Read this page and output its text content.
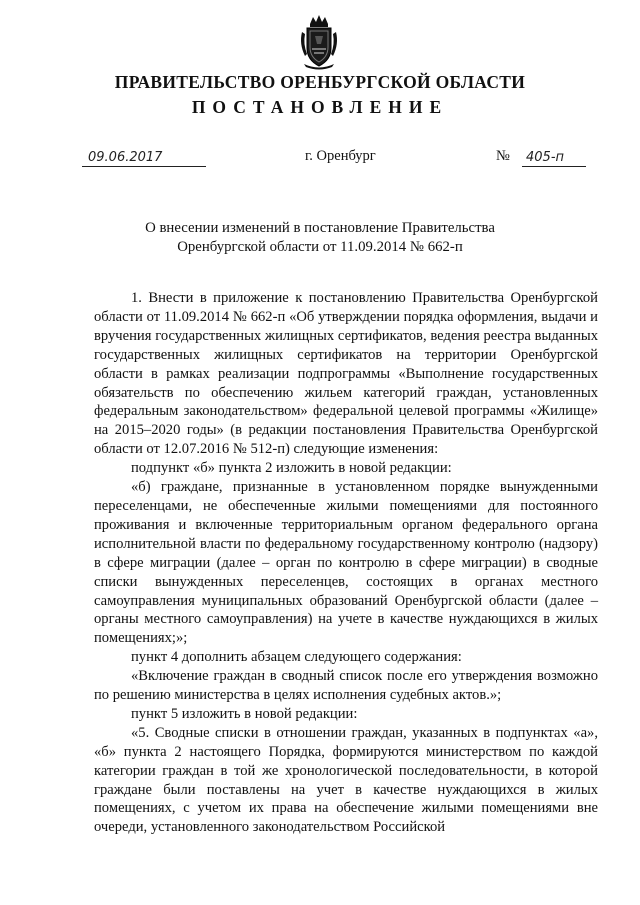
ПРАВИТЕЛЬСТВО ОРЕНБУРГСКОЙ ОБЛАСТИ
ПОСТАНОВЛЕНИЕ
09.06.2017	г. Оренбург	№	405-п
О внесении изменений в постановление Правительства
Оренбургской области от 11.09.2014 № 662-п

1. Внести в приложение к постановлению Правительства Оренбургской области от 11.09.2014 № 662-п «Об утверждении порядка оформления, выдачи и вручения государственных жилищных сертификатов, ведения реестра выданных государственных жилищных сертификатов на территории Оренбургской области в рамках реализации подпрограммы «Выполнение государственных обязательств по обеспечению жильем категорий граждан, установленных федеральным законодательством» федеральной целевой программы «Жилище» на 2015–2020 годы» (в редакции постановления Правительства Оренбургской области от 12.07.2016 № 512-п) следующие изменения:

подпункт «б» пункта 2 изложить в новой редакции:

«б) граждане, признанные в установленном порядке вынужденными переселенцами, не обеспеченные жилыми помещениями для постоянного проживания и включенные территориальным органом федерального органа исполнительной власти по федеральному государственному контролю (надзору) в сфере миграции (далее – орган по контролю в сфере миграции) в сводные списки вынужденных переселенцев, состоящих в органах местного самоуправления муниципальных образований Оренбургской области (далее – органы местного самоуправления) на учете в качестве нуждающихся в жилых помещениях;»;

пункт 4 дополнить абзацем следующего содержания:

«Включение граждан в сводный список после его утверждения возможно по решению министерства в целях исполнения судебных актов.»;

пункт 5 изложить в новой редакции:

«5. Сводные списки в отношении граждан, указанных в подпунктах «а», «б» пункта 2 настоящего Порядка, формируются министерством по каждой категории граждан в той же хронологической последовательности, в которой граждане были поставлены на учет в качестве нуждающихся в жилых помещениях, с учетом их права на обеспечение жилыми помещениями вне очереди, установленного законодательством Российской
